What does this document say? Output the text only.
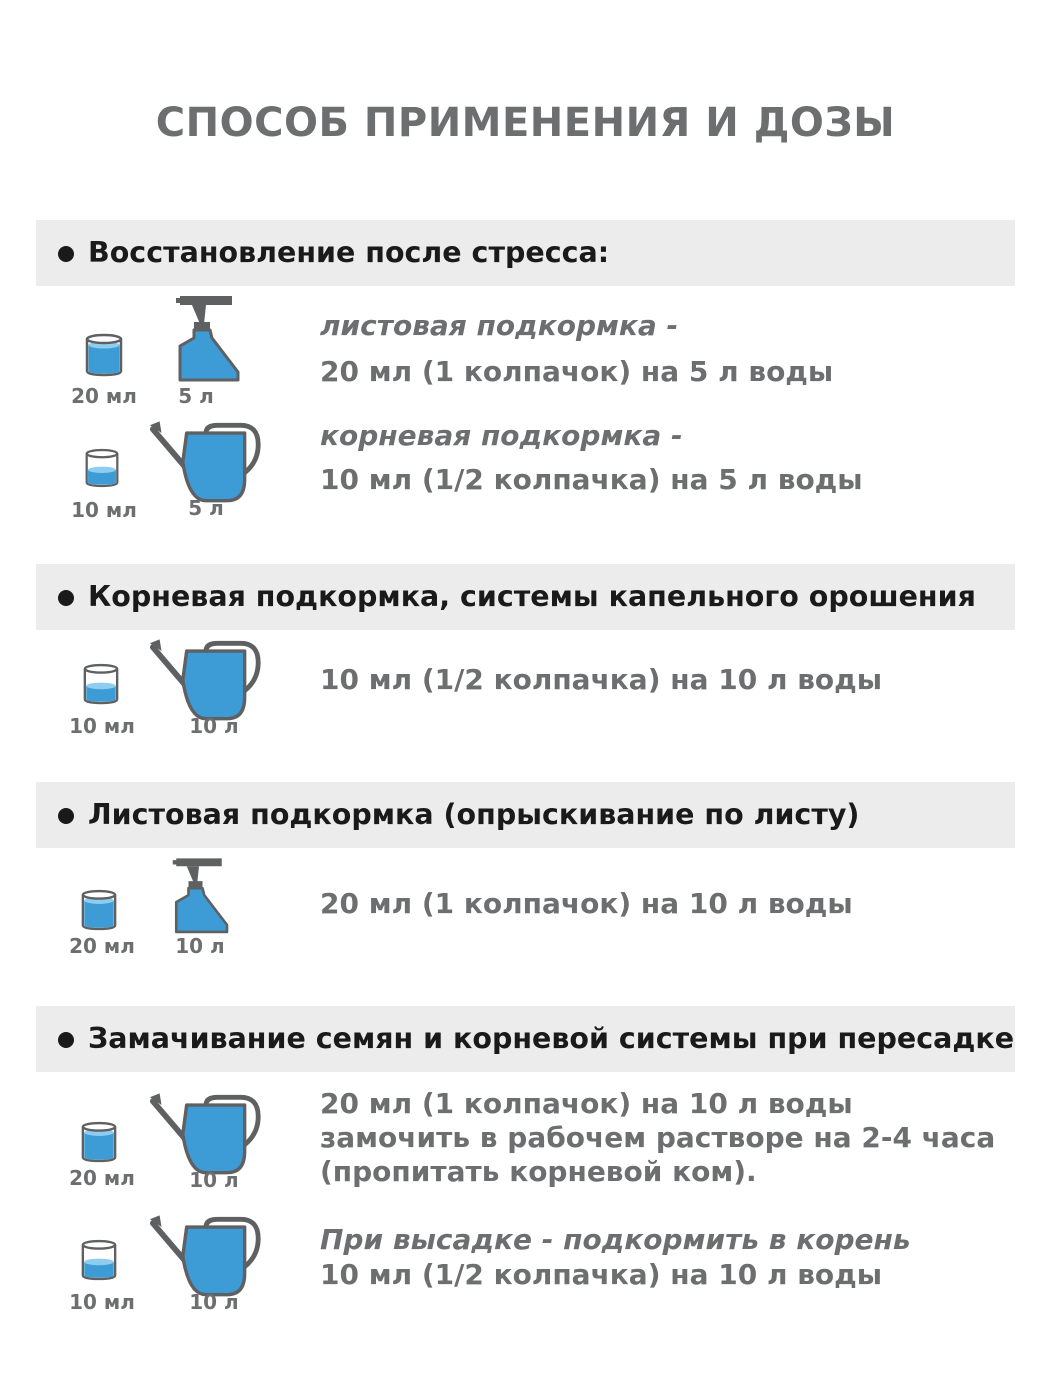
СПОСОБ ПРИМЕНЕНИЯ И ДОЗЫ
Восстановление после стресса:
20 мл	5 л
листовая подкормка -
20 мл (1 колпачок) на 5 л воды
10 мл	5 л
корневая подкормка -
10 мл (1/2 колпачка) на 5 л воды
Корневая подкормка, системы капельного орошения
10 мл	10 л
10 мл (1/2 колпачка) на 10 л воды
Листовая подкормка (опрыскивание по листу)
20 мл	10 л
20 мл (1 колпачок) на 10 л воды
Замачивание семян и корневой системы при пересадке
20 мл	10 л
20 мл (1 колпачок) на 10 л воды
замочить в рабочем растворе на 2-4 часа
(пропитать корневой ком).
10 мл	10 л
При высадке - подкормить в корень
10 мл (1/2 колпачка) на 10 л воды
